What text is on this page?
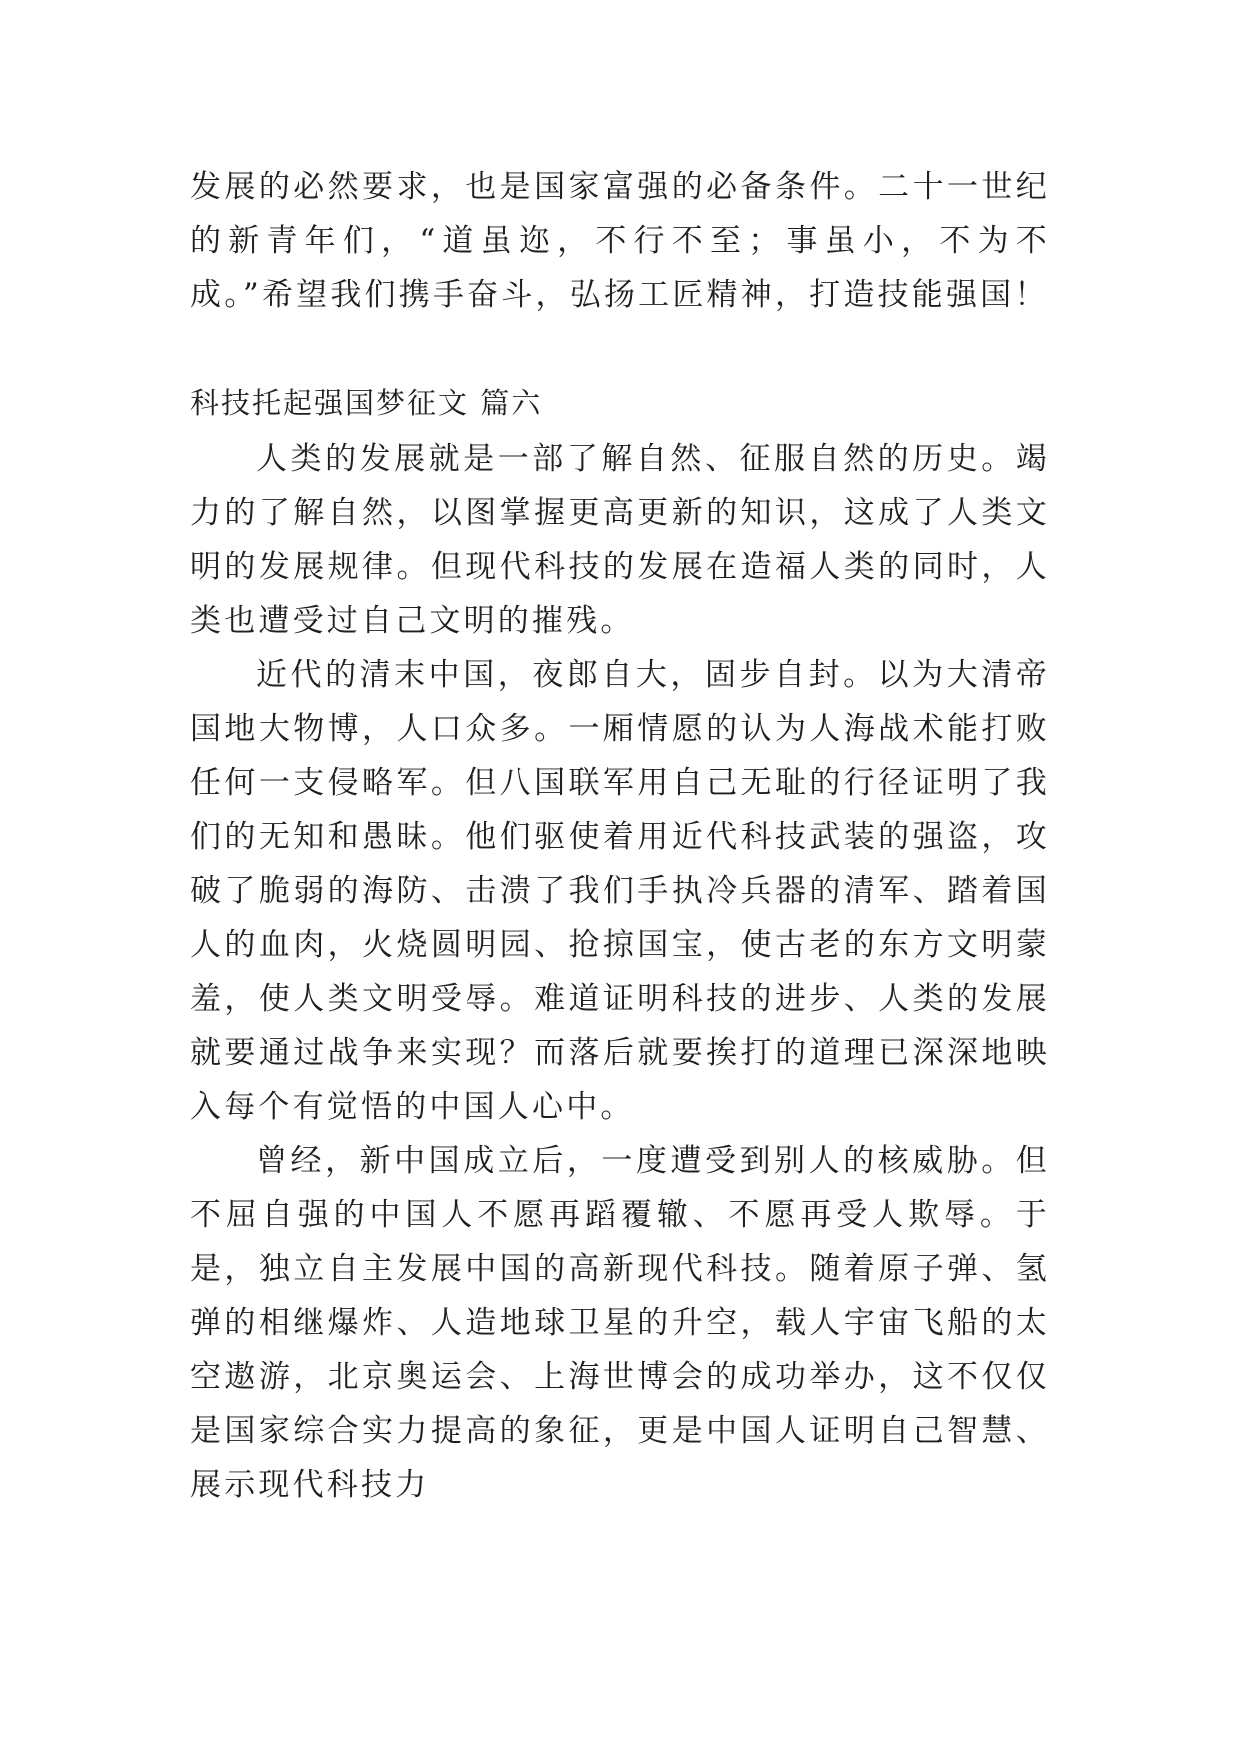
发展的必然要求，也是国家富强的必备条件。二十一世纪的新青年们，“道虽迩，不行不至；事虽小，不为不成。”希望我们携手奋斗，弘扬工匠精神，打造技能强国！

科技托起强国梦征文 篇六

人类的发展就是一部了解自然、征服自然的历史。竭力的了解自然，以图掌握更高更新的知识，这成了人类文明的发展规律。但现代科技的发展在造福人类的同时，人类也遭受过自己文明的摧残。

近代的清末中国，夜郎自大，固步自封。以为大清帝国地大物博，人口众多。一厢情愿的认为人海战术能打败任何一支侵略军。但八国联军用自己无耻的行径证明了我们的无知和愚昧。他们驱使着用近代科技武装的强盗，攻破了脆弱的海防、击溃了我们手执冷兵器的清军、踏着国人的血肉，火烧圆明园、抢掠国宝，使古老的东方文明蒙羞，使人类文明受辱。难道证明科技的进步、人类的发展就要通过战争来实现？而落后就要挨打的道理已深深地映入每个有觉悟的中国人心中。

曾经，新中国成立后，一度遭受到别人的核威胁。但不屈自强的中国人不愿再蹈覆辙、不愿再受人欺辱。于是，独立自主发展中国的高新现代科技。随着原子弹、氢弹的相继爆炸、人造地球卫星的升空，载人宇宙飞船的太空遨游，北京奥运会、上海世博会的成功举办，这不仅仅是国家综合实力提高的象征，更是中国人证明自己智慧、展示现代科技力
